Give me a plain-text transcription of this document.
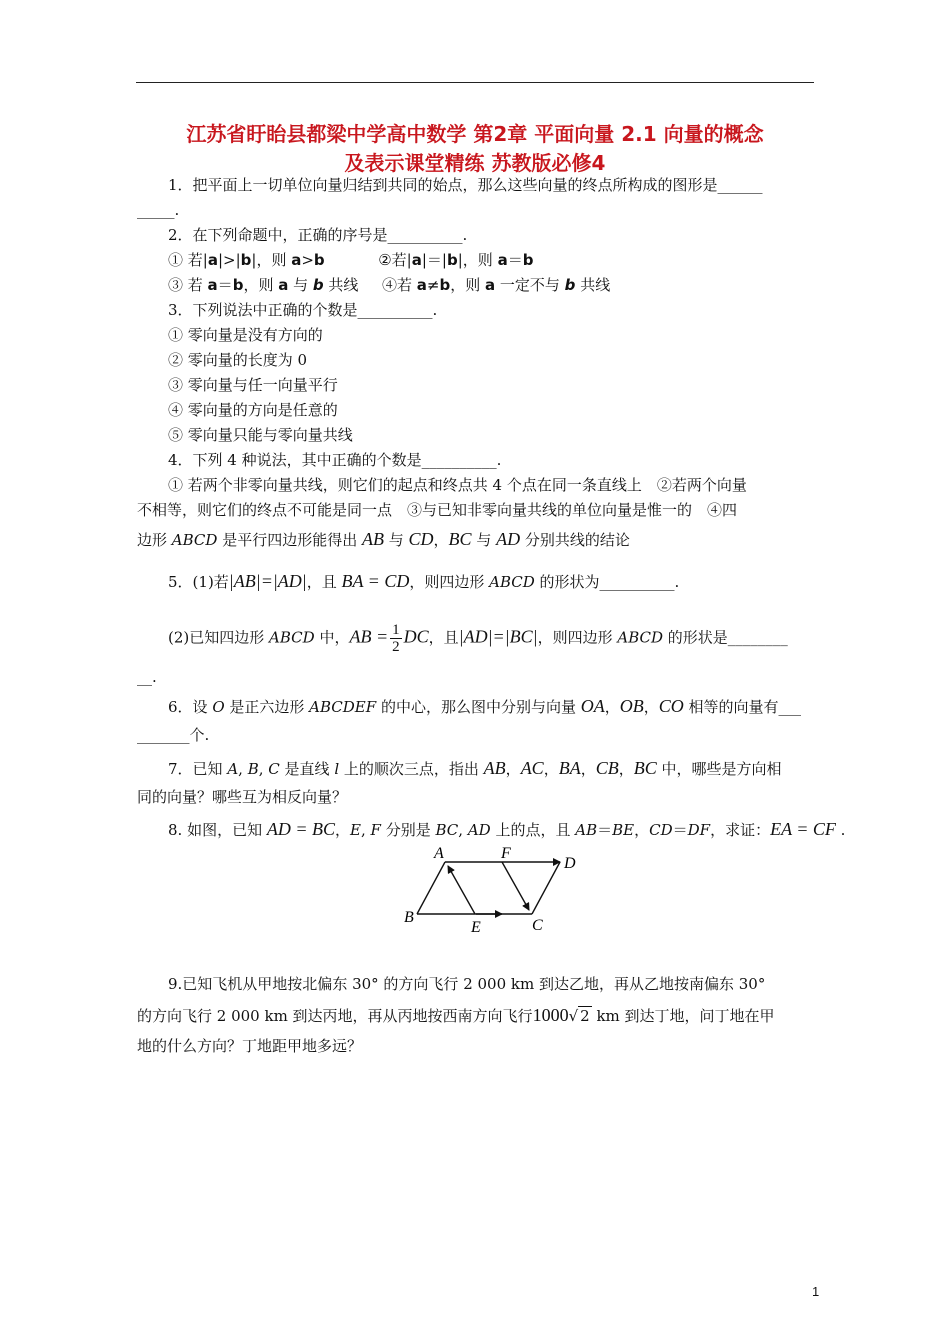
江苏省盱眙县都梁中学高中数学 第2章 平面向量 2.1 向量的概念
及表示课堂精练 苏教版必修4
1．把平面上一切单位向量归结到共同的始点，那么这些向量的终点所构成的图形是______
_____.
2．在下列命题中，正确的序号是__________.
① 若|a|>|b|，则 a>b	②若|a|＝|b|，则 a＝b
③ 若 a＝b，则 a 与 b 共线 ④若 a≠b，则 a 一定不与 b 共线
3．下列说法中正确的个数是__________.
① 零向量是没有方向的
② 零向量的长度为 0
③ 零向量与任一向量平行
④ 零向量的方向是任意的
⑤ 零向量只能与零向量共线
4．下列 4 种说法，其中正确的个数是__________.
① 若两个非零向量共线，则它们的起点和终点共 4 个点在同一条直线上　②若两个向量
不相等，则它们的终点不可能是同一点　③与已知非零向量共线的单位向量是惟一的　④四
边形 ABCD 是平行四边形能得出 AB 与 CD，BC 与 AD 分别共线的结论
5．(1)若|AB|=|AD|，且 BA = CD，则四边形 ABCD 的形状为__________.
(2)已知四边形 ABCD 中，AB = $\frac{1}{2}$ DC，且|AD|=|BC|，则四边形 ABCD 的形状是________
__.
6．设 O 是正六边形 ABCDEF 的中心，那么图中分别与向量 OA，OB，CO 相等的向量有___
_______个.
7．已知 A, B, C 是直线 l 上的顺次三点，指出 AB，AC，BA，CB，BC 中，哪些是方向相
同的向量？哪些互为相反向量？
8. 如图，已知 AD = BC，E, F 分别是 BC, AD 上的点，且 AB＝BE，CD＝DF，求证：EA = CF .
A	F
D
B
E	C
9.已知飞机从甲地按北偏东 30° 的方向飞行 2 000 km 到达乙地，再从乙地按南偏东 30°
的方向飞行 2 000 km 到达丙地，再从丙地按西南方向飞行1000√ 2 km 到达丁地，问丁地在甲
地的什么方向？丁地距甲地多远？
1
